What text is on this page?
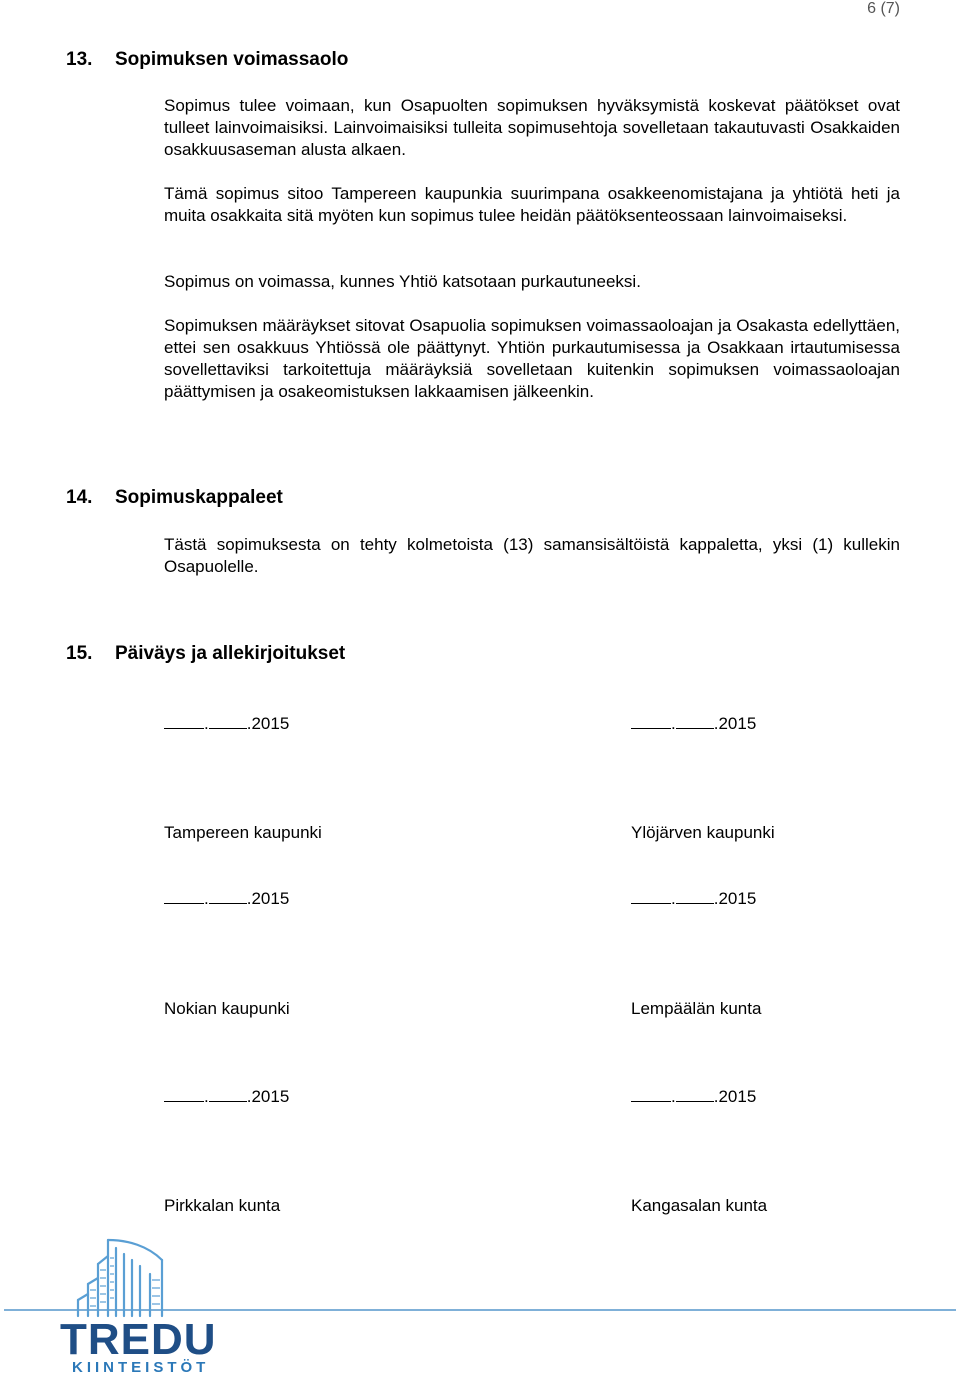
6 (7)
13.	Sopimuksen voimassaolo

Sopimus tulee voimaan, kun Osapuolten sopimuksen hyväksymistä koskevat päätökset ovat tulleet lainvoimaisiksi. Lainvoimaisiksi tulleita sopimusehtoja sovelletaan takautuvasti Osakkaiden osakkuusaseman alusta alkaen.

Tämä sopimus sitoo Tampereen kaupunkia suurimpana osakkeenomistajana ja yhtiötä heti ja muita osakkaita sitä myöten kun sopimus tulee heidän päätöksenteossaan lainvoimaiseksi.

Sopimus on voimassa, kunnes Yhtiö katsotaan purkautuneeksi.

Sopimuksen määräykset sitovat Osapuolia sopimuksen voimassaoloajan ja Osakasta edellyttäen, ettei sen osakkuus Yhtiössä ole päättynyt. Yhtiön purkautumisessa ja Osakkaan irtautumisessa sovellettaviksi tarkoitettuja määräyksiä sovelletaan kuitenkin sopimuksen voimassaoloajan päättymisen ja osakeomistuksen lakkaamisen jälkeenkin.

14.	Sopimuskappaleet

Tästä sopimuksesta on tehty kolmetoista (13) samansisältöistä kappaletta, yksi (1) kullekin Osapuolelle.

15.	Päiväys ja allekirjoitukset
. .2015	. .2015
Tampereen kaupunki	Ylöjärven kaupunki
. .2015	. .2015
Nokian kaupunki	Lempäälän kunta
. .2015	. .2015
Pirkkalan kunta	Kangasalan kunta
TREDU
KIINTEISTÖT
